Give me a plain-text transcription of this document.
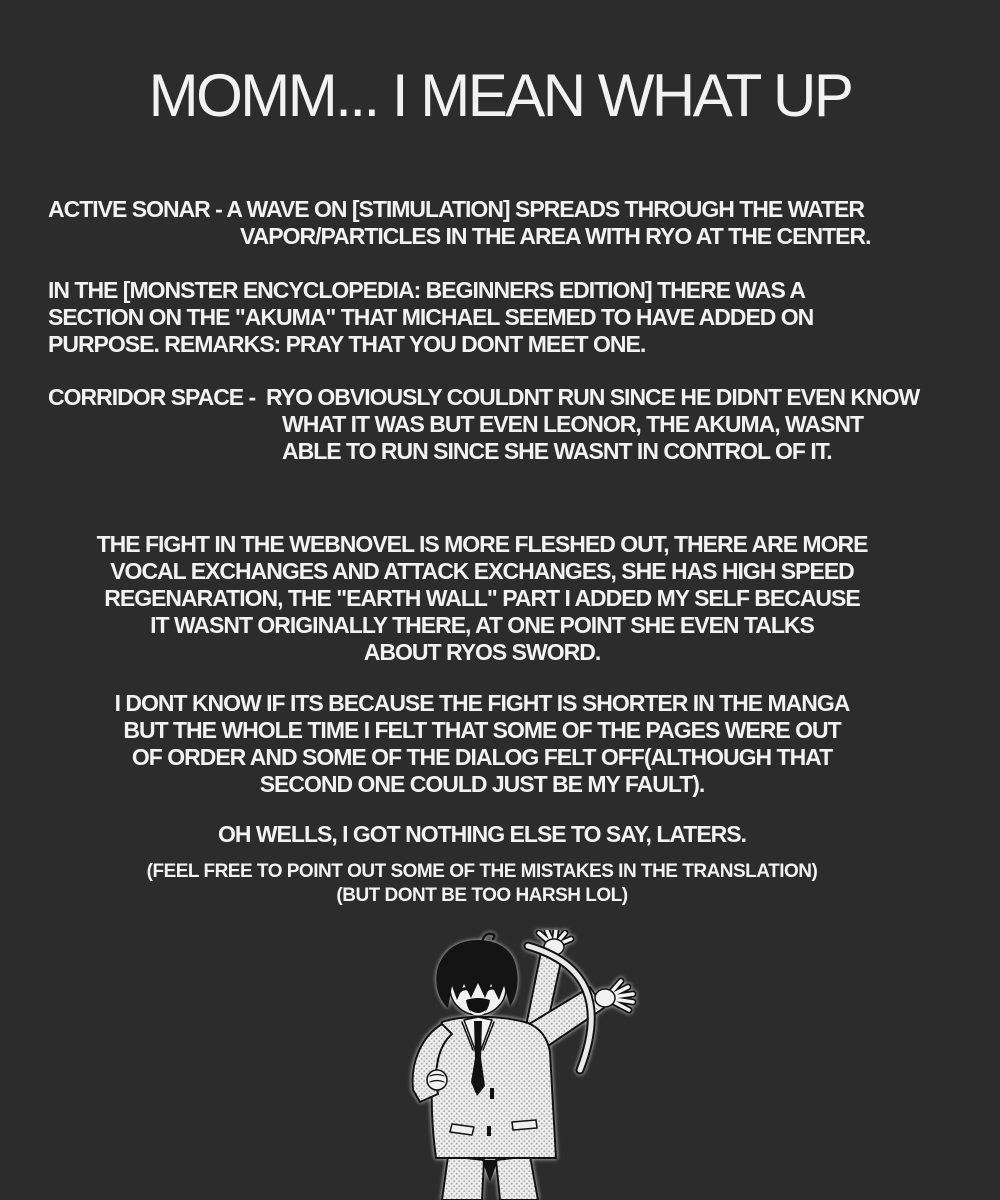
MOMM... I MEAN WHAT UP
ACTIVE SONAR - A WAVE ON [STIMULATION] SPREADS THROUGH THE WATER
VAPOR/PARTICLES IN THE AREA WITH RYO AT THE CENTER.
IN THE [MONSTER ENCYCLOPEDIA: BEGINNERS EDITION] THERE WAS A
SECTION ON THE "AKUMA" THAT MICHAEL SEEMED TO HAVE ADDED ON
PURPOSE. REMARKS: PRAY THAT YOU DONT MEET ONE.
CORRIDOR SPACE -  RYO OBVIOUSLY COULDNT RUN SINCE HE DIDNT EVEN KNOW
WHAT IT WAS BUT EVEN LEONOR, THE AKUMA, WASNT
ABLE TO RUN SINCE SHE WASNT IN CONTROL OF IT.
THE FIGHT IN THE WEBNOVEL IS MORE FLESHED OUT, THERE ARE MORE
VOCAL EXCHANGES AND ATTACK EXCHANGES, SHE HAS HIGH SPEED
REGENARATION, THE "EARTH WALL" PART I ADDED MY SELF BECAUSE
IT WASNT ORIGINALLY THERE, AT ONE POINT SHE EVEN TALKS
ABOUT RYOS SWORD.
I DONT KNOW IF ITS BECAUSE THE FIGHT IS SHORTER IN THE MANGA
BUT THE WHOLE TIME I FELT THAT SOME OF THE PAGES WERE OUT
OF ORDER AND SOME OF THE DIALOG FELT OFF(ALTHOUGH THAT
SECOND ONE COULD JUST BE MY FAULT).
OH WELLS, I GOT NOTHING ELSE TO SAY, LATERS.
(FEEL FREE TO POINT OUT SOME OF THE MISTAKES IN THE TRANSLATION)
(BUT DONT BE TOO HARSH LOL)
